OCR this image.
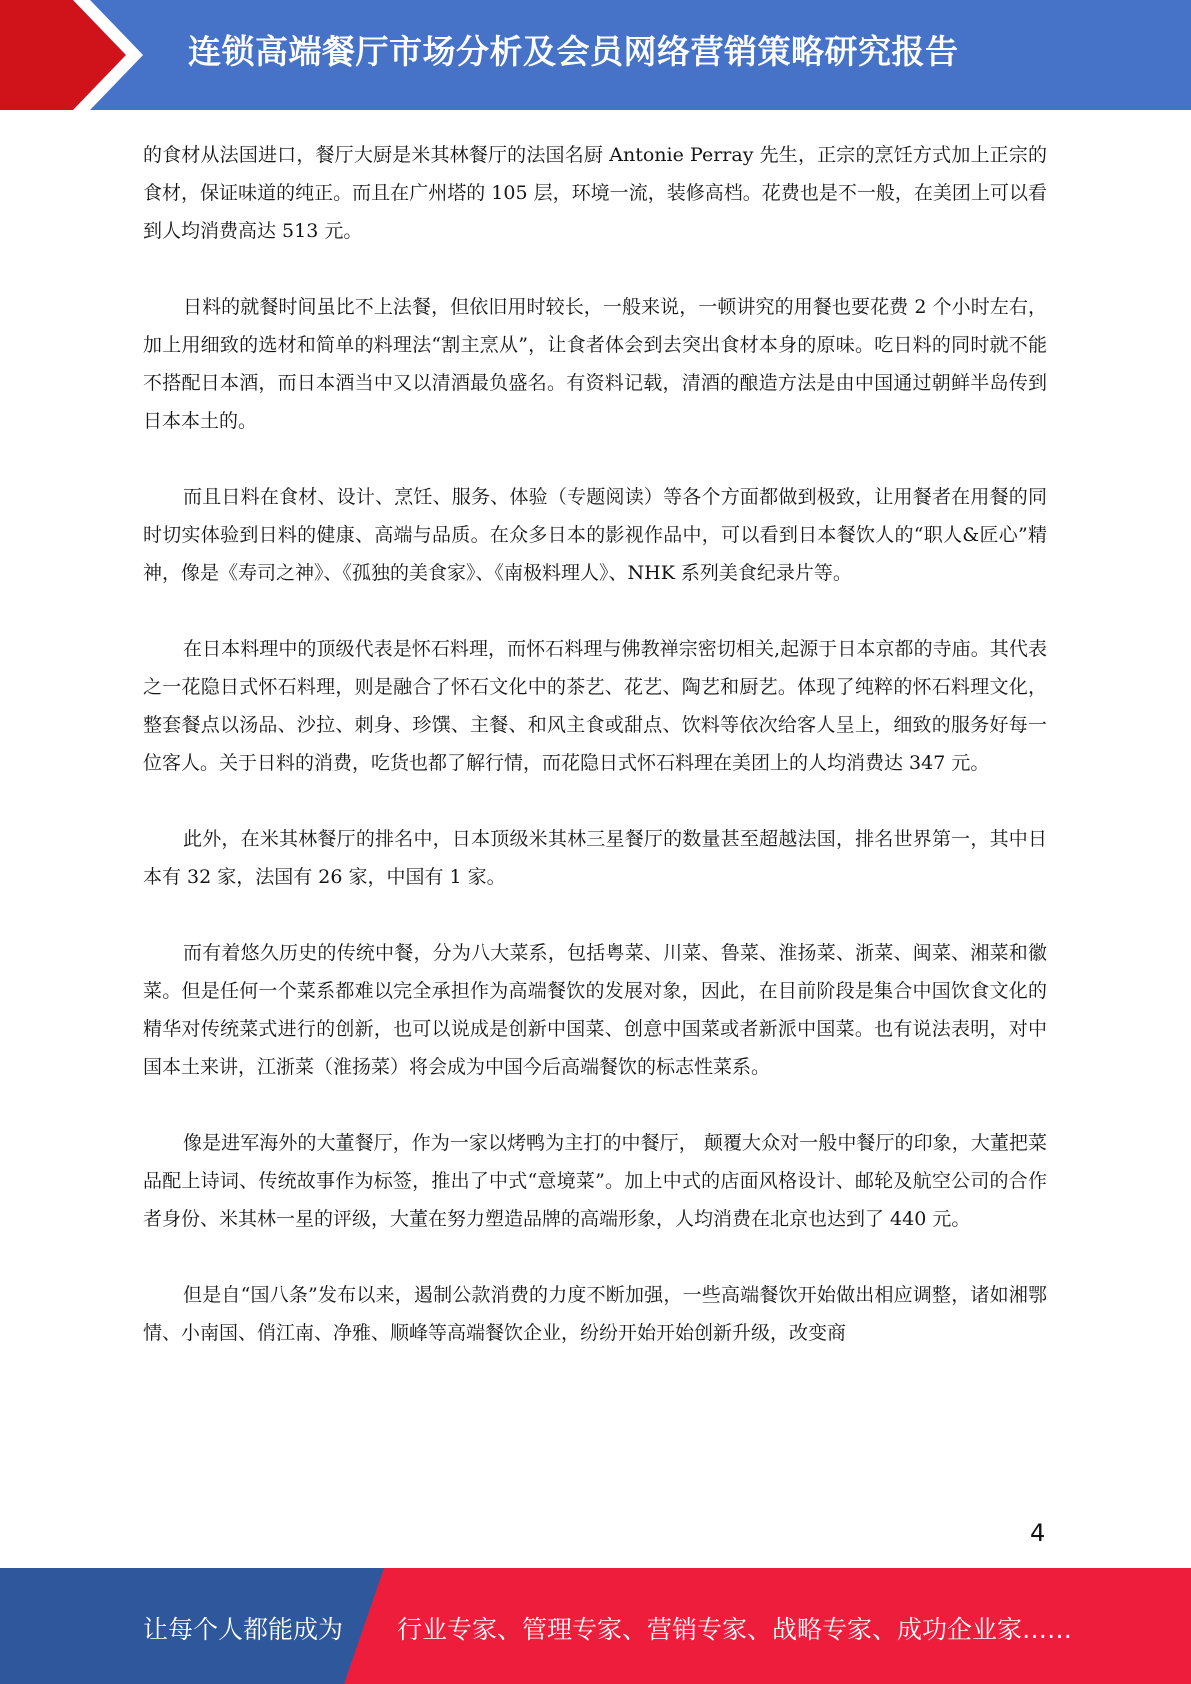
连锁高端餐厅市场分析及会员网络营销策略研究报告

的食材从法国进口，餐厅大厨是米其林餐厅的法国名厨 Antonie Perray 先生，正宗的烹饪方式加上正宗的食材，保证味道的纯正。而且在广州塔的 105 层，环境一流，装修高档。花费也是不一般，在美团上可以看到人均消费高达 513 元。

日料的就餐时间虽比不上法餐，但依旧用时较长，一般来说，一顿讲究的用餐也要花费 2 个小时左右，加上用细致的选材和简单的料理法“割主烹从”，让食者体会到去突出食材本身的原味。吃日料的同时就不能不搭配日本酒，而日本酒当中又以清酒最负盛名。有资料记载，清酒的酿造方法是由中国通过朝鲜半岛传到日本本土的。

而且日料在食材、设计、烹饪、服务、体验（专题阅读）等各个方面都做到极致，让用餐者在用餐的同时切实体验到日料的健康、高端与品质。在众多日本的影视作品中，可以看到日本餐饮人的“职人&匠心”精神，像是《寿司之神》、《孤独的美食家》、《南极料理人》、NHK 系列美食纪录片等。

在日本料理中的顶级代表是怀石料理，而怀石料理与佛教禅宗密切相关,起源于日本京都的寺庙。其代表之一花隐日式怀石料理，则是融合了怀石文化中的茶艺、花艺、陶艺和厨艺。体现了纯粹的怀石料理文化，整套餐点以汤品、沙拉、刺身、珍馔、主餐、和风主食或甜点、饮料等依次给客人呈上，细致的服务好每一位客人。关于日料的消费，吃货也都了解行情，而花隐日式怀石料理在美团上的人均消费达 347 元。

此外，在米其林餐厅的排名中，日本顶级米其林三星餐厅的数量甚至超越法国，排名世界第一，其中日本有 32 家，法国有 26 家，中国有 1 家。

而有着悠久历史的传统中餐，分为八大菜系，包括粤菜、川菜、鲁菜、淮扬菜、浙菜、闽菜、湘菜和徽菜。但是任何一个菜系都难以完全承担作为高端餐饮的发展对象，因此，在目前阶段是集合中国饮食文化的精华对传统菜式进行的创新，也可以说成是创新中国菜、创意中国菜或者新派中国菜。也有说法表明，对中国本土来讲，江浙菜（淮扬菜）将会成为中国今后高端餐饮的标志性菜系。

像是进军海外的大董餐厅，作为一家以烤鸭为主打的中餐厅， 颠覆大众对一般中餐厅的印象，大董把菜品配上诗词、传统故事作为标签，推出了中式“意境菜”。加上中式的店面风格设计、邮轮及航空公司的合作者身份、米其林一星的评级，大董在努力塑造品牌的高端形象，人均消费在北京也达到了 440 元。

但是自“国八条”发布以来，遏制公款消费的力度不断加强，一些高端餐饮开始做出相应调整，诸如湘鄂情、小南国、俏江南、净雅、顺峰等高端餐饮企业，纷纷开始开始创新升级，改变商

4
让每个人都能成为 行业专家、管理专家、营销专家、战略专家、成功企业家……
